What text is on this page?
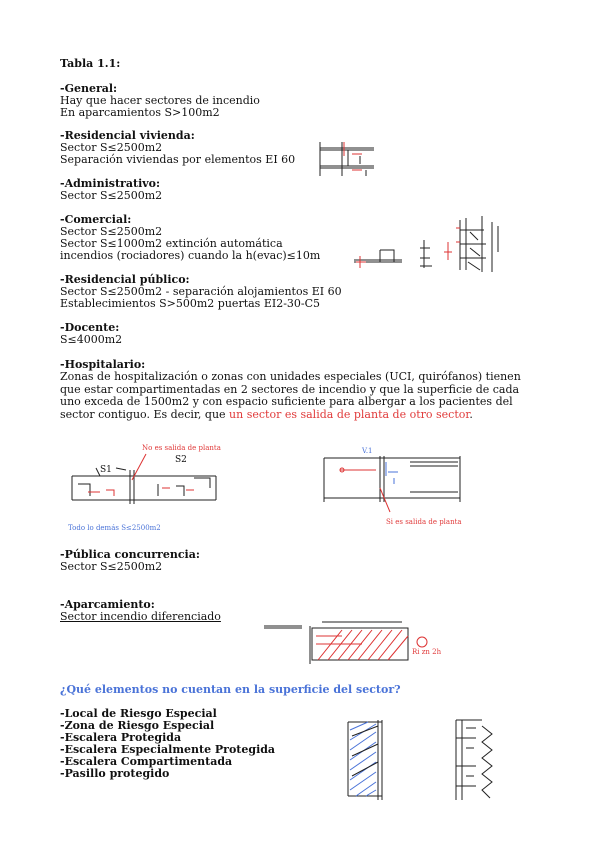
Tabla 1.1:
-General:
Hay que hacer sectores de incendio
En aparcamientos S>100m2
-Residencial vivienda:
Sector S≤2500m2
Separación viviendas por elementos EI 60
-Administrativo:
Sector S≤2500m2
-Comercial:
Sector S≤2500m2
Sector S≤1000m2 extinción automática
incendios (rociadores) cuando la h(evac)≤10m
-Residencial público:
Sector S≤2500m2 - separación alojamientos EI 60
Establecimientos S>500m2 puertas EI2-30-C5
-Docente:
S≤4000m2
-Hospitalario:
Zonas de hospitalización o zonas con unidades especiales (UCI, quirófanos) tienen que estar compartimentadas en 2 sectores de incendio y que la superficie de cada uno exceda de 1500m2 y con espacio suficiente para albergar a los pacientes del sector contiguo. Es decir, que un sector es salida de planta de otro sector.
-Pública concurrencia:
Sector S≤2500m2
-Aparcamiento:
Sector incendio diferenciado
¿Qué elementos no cuentan en la superficie del sector?
-Local de Riesgo Especial
-Zona de Riesgo Especial
-Escalera Protegida
-Escalera Especialmente Protegida
-Escalera Compartimentada
-Pasillo protegido
No es salida de planta
S2
S1
Todo lo demás S≤2500m2
V.1
Si es salida de planta
Ri zn 2h
